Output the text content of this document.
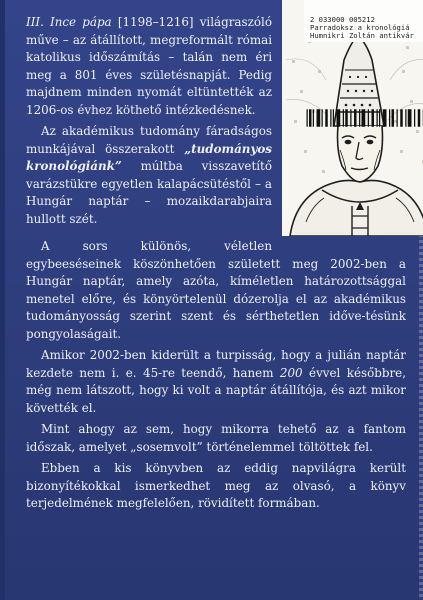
2 033000 005212
Parradoksz a kronológiá
Humnikri Zoltán antikvár

III. Ince pápa [1198–1216] világraszóló műve – az átállított, megreformált római katolikus időszámítás – talán nem éri meg a 801 éves születésnapját. Pedig majdnem minden nyomát eltüntették az 1206-os évhez köthető intézkedésnek.

Az akadémikus tudomány fáradságos munkájával összerakott „tudományos kronológiánk” múltba visszavetítő varázstükre egyetlen kalapácsütéstől – a Hungár naptár – mozaikdarabjaira hullott szét.

A sors különös, véletlen egybeeséseinek köszönhetően született meg 2002-ben a Hungár naptár, amely azóta, kíméletlen határozottsággal menetel előre, és könyörtelenül dózerolja el az akadémikus tudományosság szerint szent és sérthetetlen időve-tésünk pongyolaságait.

Amikor 2002-ben kiderült a turpisság, hogy a julián naptár kezdete nem i. e. 45-re teendő, hanem 200 évvel későbbre, még nem látszott, hogy ki volt a naptár átállítója, és azt mikor követték el.

Mint ahogy az sem, hogy mikorra tehető az a fantom időszak, amelyet „sosemvolt” történelemmel töltöttek fel.

Ebben a kis könyvben az eddig napvilágra került bizonyítékokkal ismerkedhet meg az olvasó, a könyv terjedelmének megfelelően, rövidített formában.
